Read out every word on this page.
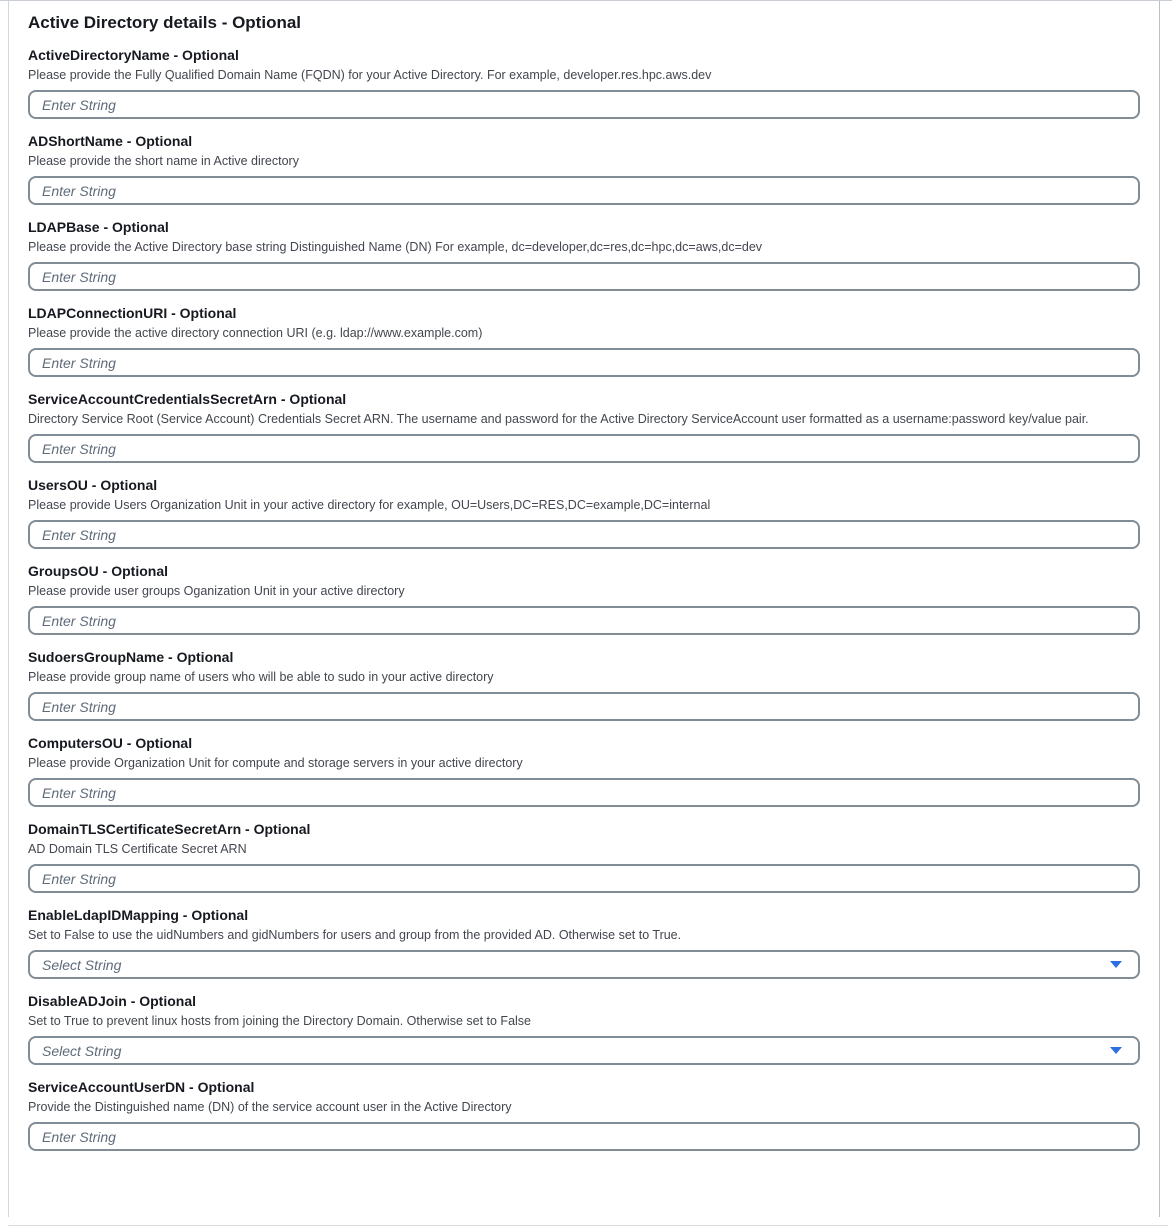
Active Directory details - Optional
ActiveDirectoryName - Optional
Please provide the Fully Qualified Domain Name (FQDN) for your Active Directory. For example, developer.res.hpc.aws.dev
Enter String
ADShortName - Optional
Please provide the short name in Active directory
Enter String
LDAPBase - Optional
Please provide the Active Directory base string Distinguished Name (DN) For example, dc=developer,dc=res,dc=hpc,dc=aws,dc=dev
Enter String
LDAPConnectionURI - Optional
Please provide the active directory connection URI (e.g. ldap://www.example.com)
Enter String
ServiceAccountCredentialsSecretArn - Optional
Directory Service Root (Service Account) Credentials Secret ARN. The username and password for the Active Directory ServiceAccount user formatted as a username:password key/value pair.
Enter String
UsersOU - Optional
Please provide Users Organization Unit in your active directory for example, OU=Users,DC=RES,DC=example,DC=internal
Enter String
GroupsOU - Optional
Please provide user groups Oganization Unit in your active directory
Enter String
SudoersGroupName - Optional
Please provide group name of users who will be able to sudo in your active directory
Enter String
ComputersOU - Optional
Please provide Organization Unit for compute and storage servers in your active directory
Enter String
DomainTLSCertificateSecretArn - Optional
AD Domain TLS Certificate Secret ARN
Enter String
EnableLdapIDMapping - Optional
Set to False to use the uidNumbers and gidNumbers for users and group from the provided AD. Otherwise set to True.
Select String
DisableADJoin - Optional
Set to True to prevent linux hosts from joining the Directory Domain. Otherwise set to False
Select String
ServiceAccountUserDN - Optional
Provide the Distinguished name (DN) of the service account user in the Active Directory
Enter String
